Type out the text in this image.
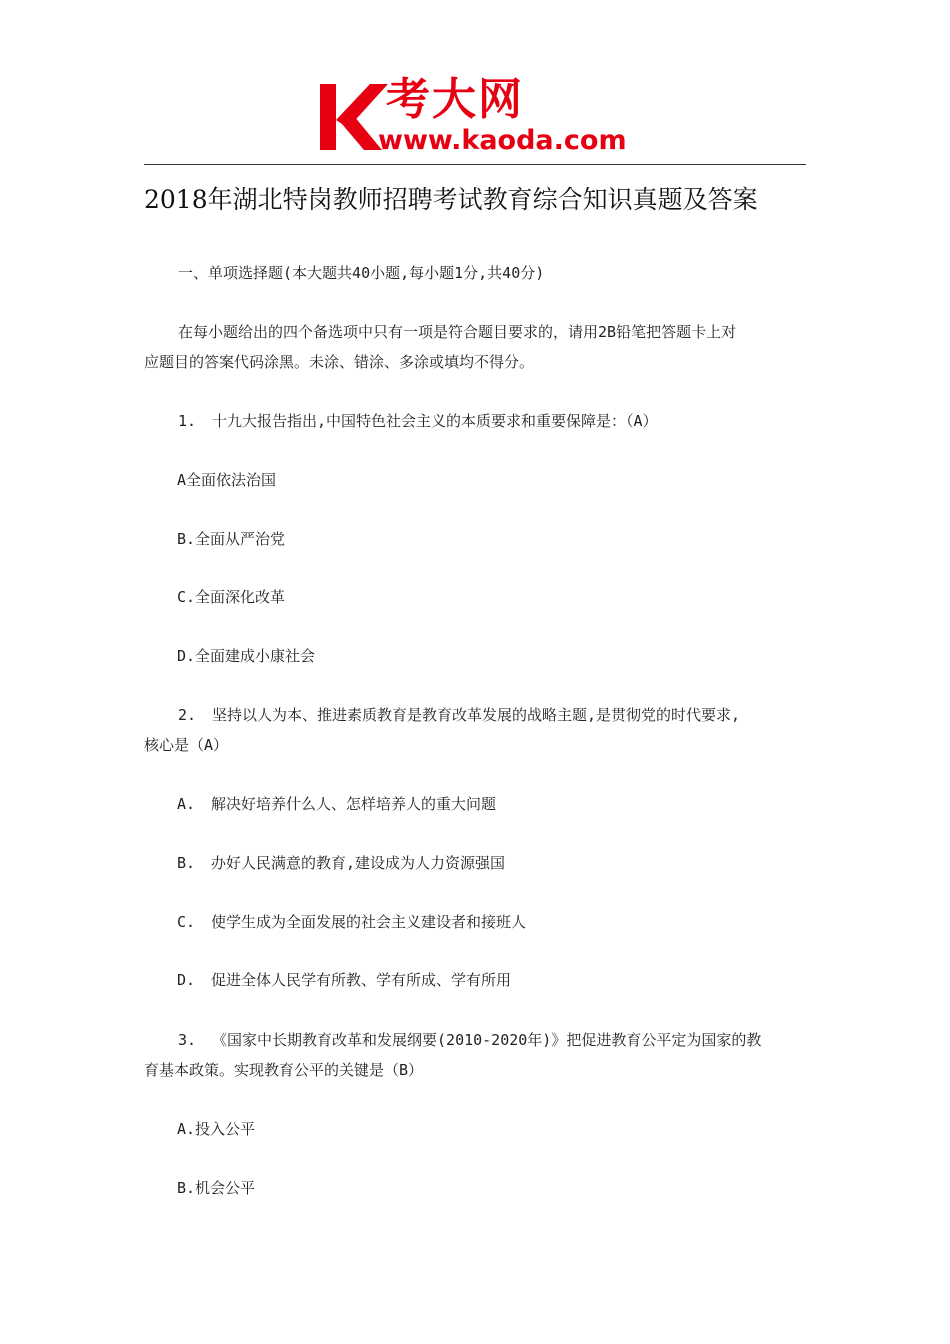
考大网
www.kaoda.com
2018年湖北特岗教师招聘考试教育综合知识真题及答案
一、单项选择题(本大题共40小题,每小题1分,共40分)
在每小题给出的四个备选项中只有一项是符合题目要求的，请用2B铅笔把答题卡上对
应题目的答案代码涂黑。未涂、错涂、多涂或填均不得分。
1. 十九大报告指出,中国特色社会主义的本质要求和重要保障是：（A）
A全面依法治国
B.全面从严治党
C.全面深化改革
D.全面建成小康社会
2. 坚持以人为本、推进素质教育是教育改革发展的战略主题,是贯彻党的时代要求,
核心是（A）
A. 解决好培养什么人、怎样培养人的重大问题
B. 办好人民满意的教育,建设成为人力资源强国
C. 使学生成为全面发展的社会主义建设者和接班人
D. 促进全体人民学有所教、学有所成、学有所用
3. 《国家中长期教育改革和发展纲要(2010-2020年)》把促进教育公平定为国家的教
育基本政策。实现教育公平的关键是（B）
A.投入公平
B.机会公平
